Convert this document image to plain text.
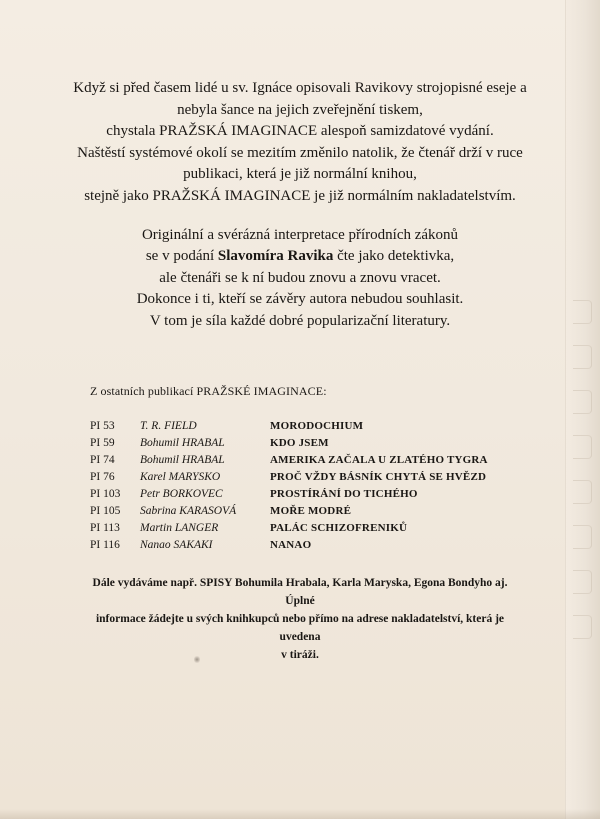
Když si před časem lidé u sv. Ignáce opisovali Ravikovy strojopisné eseje a

nebyla šance na jejich zveřejnění tiskem,

chystala PRAŽSKÁ IMAGINACE alespoň samizdatové vydání.

Naštěstí systémové okolí se mezitím změnilo natolik, že čtenář drží v ruce

publikaci, která je již normální knihou,

stejně jako PRAŽSKÁ IMAGINACE je již normálním nakladatelstvím.

Originální a svérázná interpretace přírodních zákonů

se v podání Slavomíra Ravika čte jako detektivka,

ale čtenáři se k ní budou znovu a znovu vracet.

Dokonce i ti, kteří se závěry autora nebudou souhlasit.

V tom je síla každé dobré popularizační literatury.

Z ostatních publikací PRAŽSKÉ IMAGINACE:
PI 53 T. R. FIELD	MORODOCHIUM
PI 59 Bohumil HRABAL	KDO JSEM
PI 74 Bohumil HRABAL	AMERIKA ZAČALA U ZLATÉHO TYGRA
PI 76 Karel MARYSKO	PROČ VŽDY BÁSNÍK CHYTÁ SE HVĚZD
PI 103 Petr BORKOVEC	PROSTÍRÁNÍ DO TICHÉHO
PI 105 Sabrina KARASOVÁ	MOŘE MODRÉ
PI 113 Martin LANGER	PALÁC SCHIZOFRENIKŮ
PI 116 Nanao SAKAKI	NANAO

Dále vydáváme např. SPISY Bohumila Hrabala, Karla Maryska, Egona Bondyho aj. Úplné

informace žádejte u svých knihkupců nebo přímo na adrese nakladatelství, která je uvedena

v tiráži.
